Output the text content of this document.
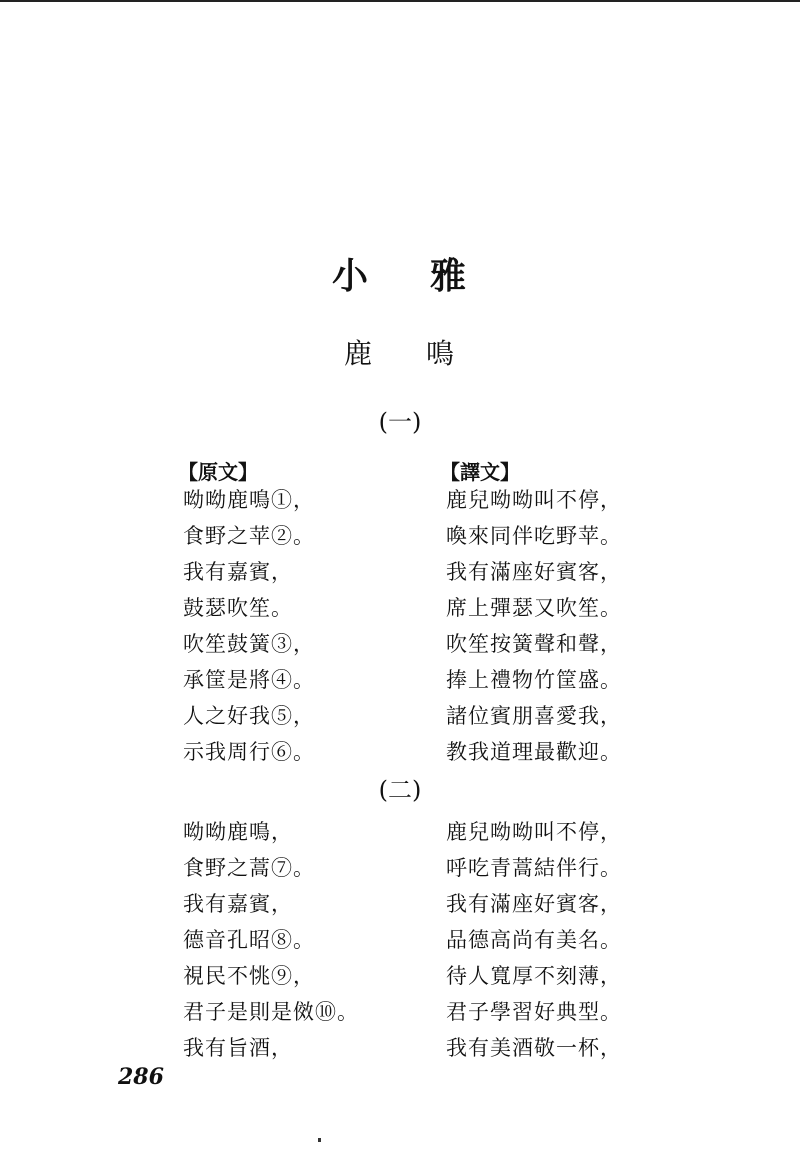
小 雅
鹿 鳴
(一)
【原文】	【譯文】
呦呦鹿鳴①，
食野之苹②。
我有嘉賓，
鼓瑟吹笙。
吹笙鼓簧③，
承筐是將④。
人之好我⑤，
示我周行⑥。
鹿兒呦呦叫不停，
喚來同伴吃野苹。
我有滿座好賓客，
席上彈瑟又吹笙。
吹笙按簧聲和聲，
捧上禮物竹筐盛。
諸位賓朋喜愛我，
教我道理最歡迎。
(二)
呦呦鹿鳴，
食野之蒿⑦。
我有嘉賓，
德音孔昭⑧。
視民不恌⑨，
君子是則是傚⑩。
我有旨酒，
鹿兒呦呦叫不停，
呼吃青蒿結伴行。
我有滿座好賓客，
品德高尚有美名。
待人寬厚不刻薄，
君子學習好典型。
我有美酒敬一杯，
286
